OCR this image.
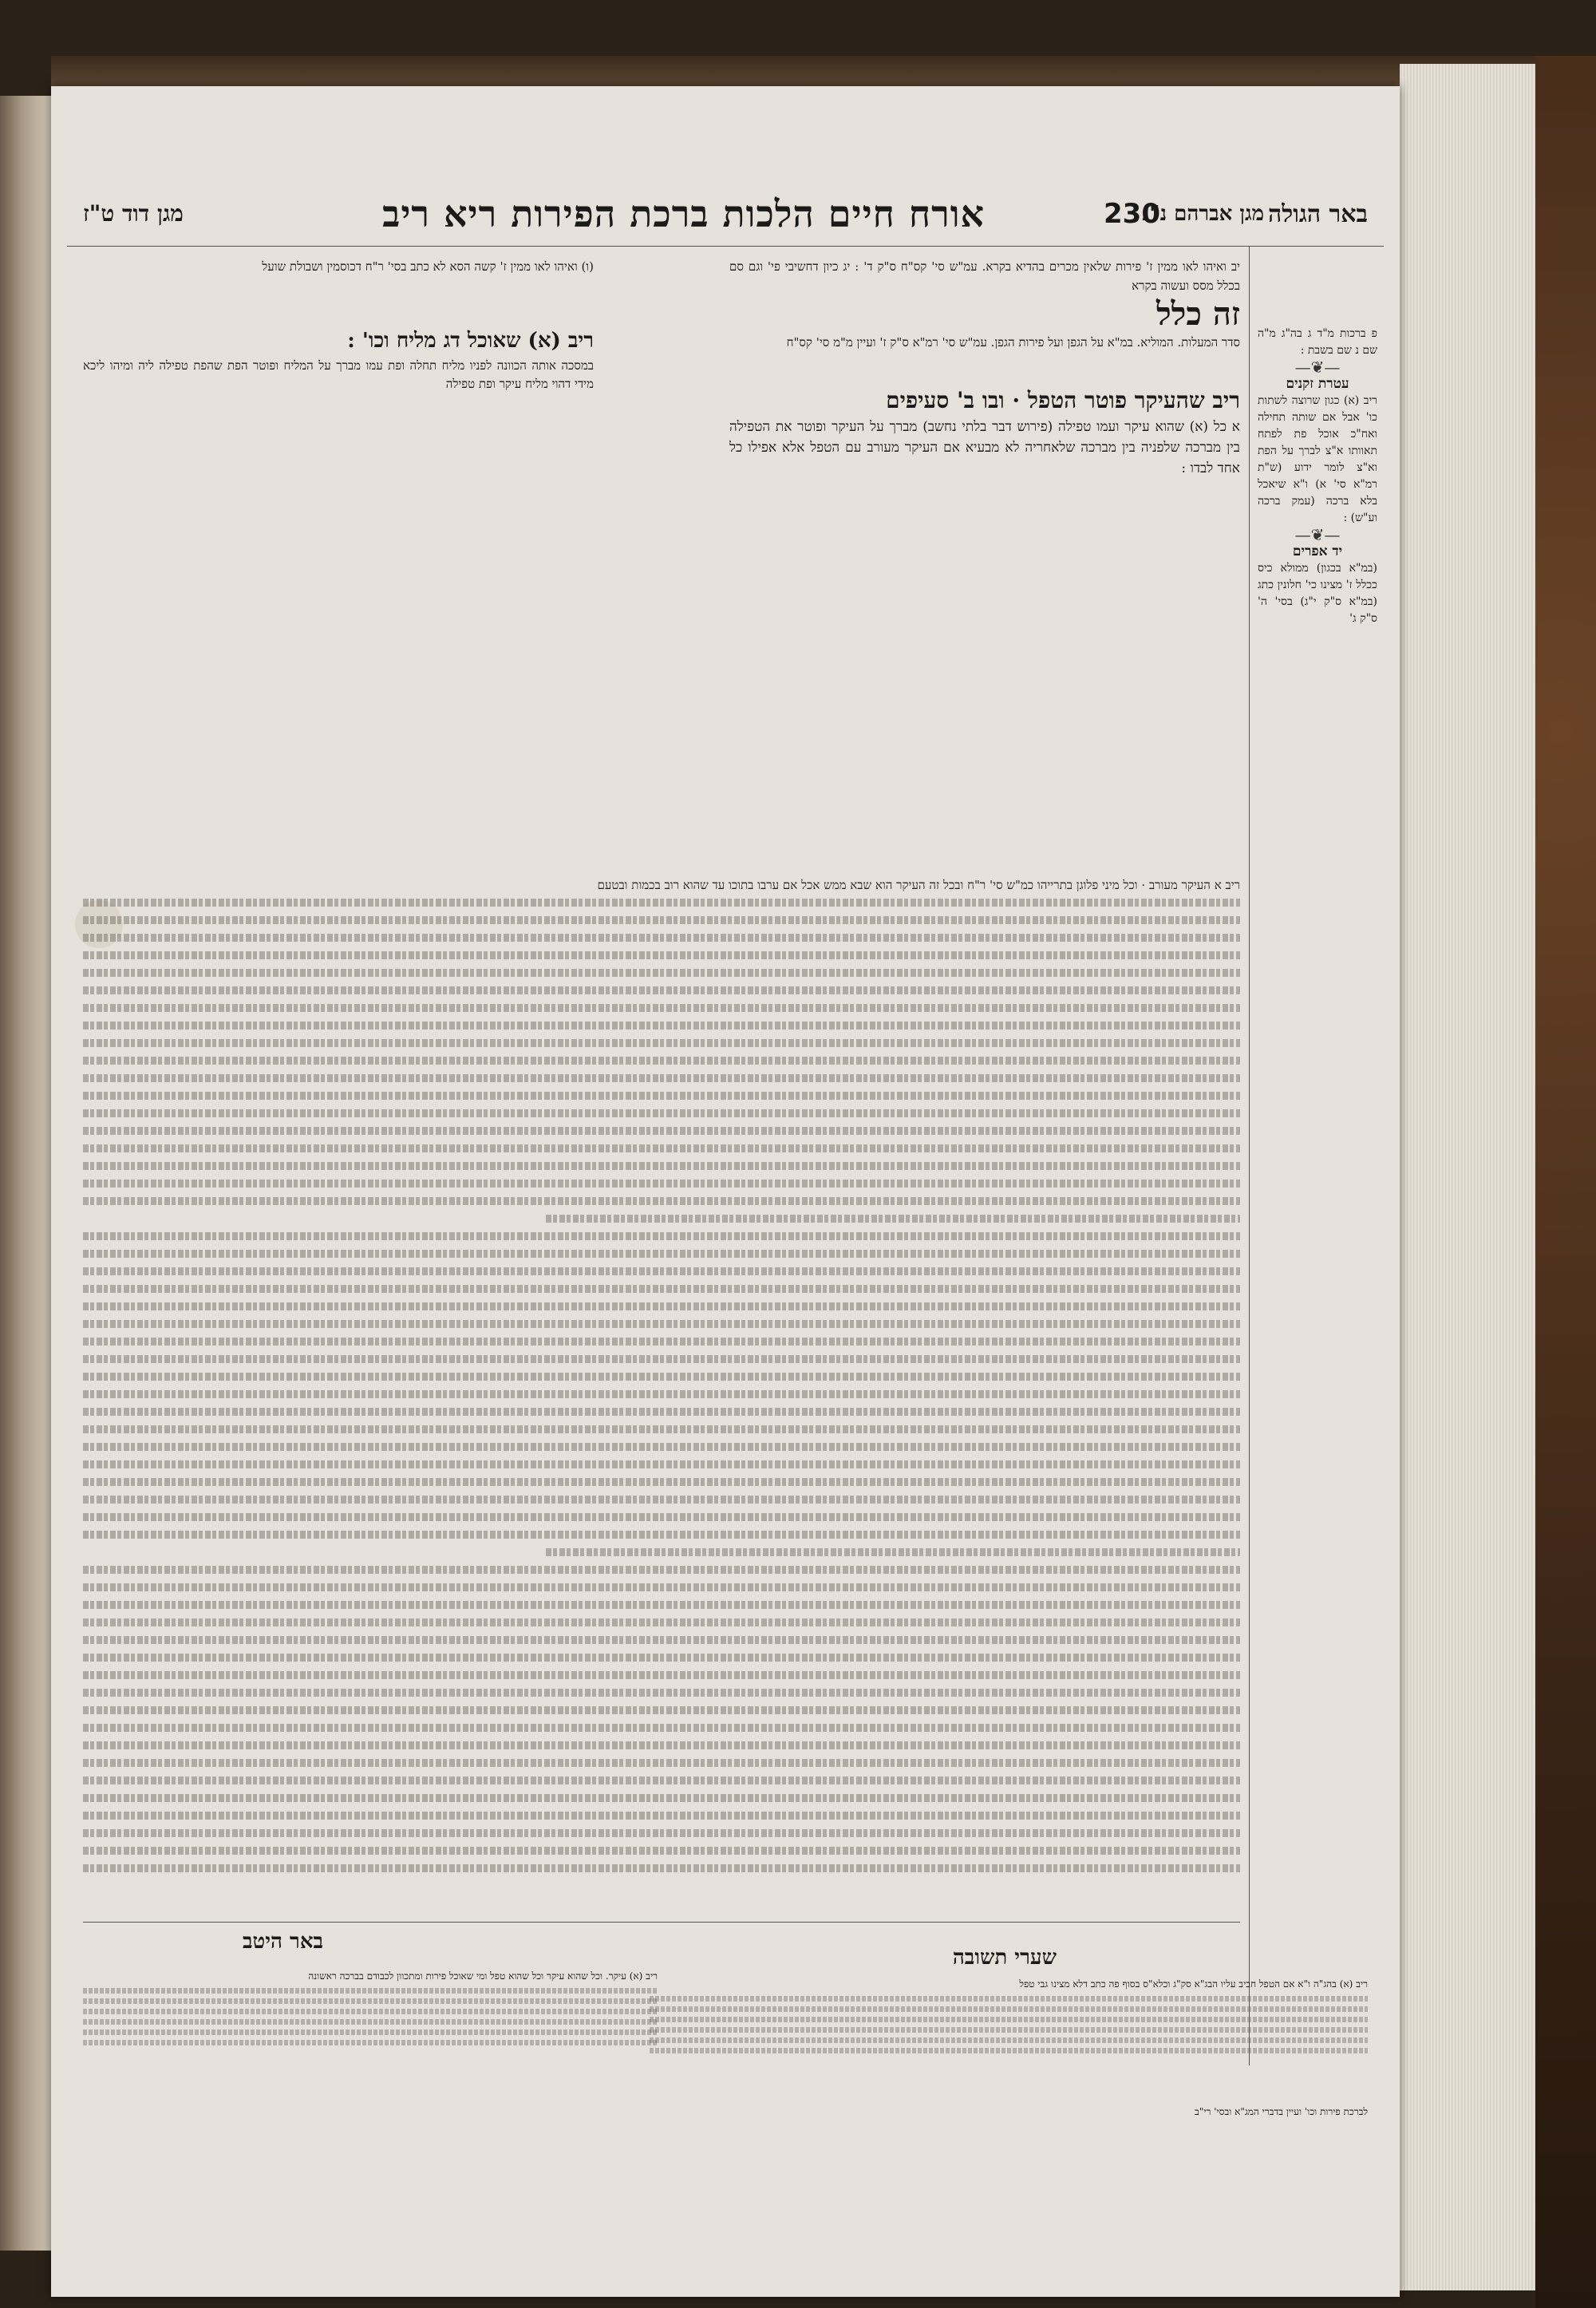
באר הגולה
מגן אברהם נ"ג
230
אורח חיים הלכות ברכת הפירות ריא ריב
מגן דוד ט"ז
פ ברכות מ"ד ג בה"ג מ"ה שם נ שם בשבת :
—❦—
עטרת זקנים
ריב (א) כגון שרוצה לשתות כו' אבל אם שותה תחילה ואח"כ אוכל פת לפתח תאוותו א"צ לברך על הפת וא"צ לומר ידוע (ש"ת רמ"א סי' א) ו"א שיאכל בלא ברכה (עמק ברכה וע"ש) :
—❦—
יד אפרים
(במ"א בכגון) ממולא כיס ככלל ז' מצינו כי' חלונין כתג (במ"א ס"ק י"ג) בסי' ה' ס"ק ג'
יב ואיהו לאו ממין ז' פירות שלאין מכרים בהדיא בקרא. עמ"ש סי' קס"ח ס"ק ד' : יג כיון דחשיבי פי' וגם סם בכלל מסס ועשוה בקרא
זה כלל
סדר המעלות. המוליא. במ"א על הגפן ועל פירות הגפן. עמ"ש סי' רמ"א ס"ק ז' ועיין מ"מ סי' קס"ח
ריב שהעיקר פוטר הטפל · ובו ב' סעיפים
א כל (א) שהוא עיקר ועמו טפילה (פירוש דבר בלתי נחשב) מברך על העיקר ופוטר את הטפילה בין מברכה שלפניה בין מברכה שלאחריה לא מבעיא אם העיקר מעורב עם הטפל אלא אפילו כל אחד לבדו :
(ו) ואיהו לאו ממין ז' קשה הסא לא כתב בסי' ר"ח דכוסמין ושבולת שועל
ריב (א) שאוכל דג מליח וכו' :
במסכה אותה הכוונה לפניו מליח תחלה ופת עמו מברך על המליח ופוטר הפת שהפת טפילה ליה ומיהו ליכא מידי דהוי מליח עיקר ופת טפילה
ריב א העיקר מעורב · וכל מיני פלוגן בתרייהו כמ"ש סי' ר"ח ובכל זה העיקר הוא שבא ממש אכל אם ערבו בתוכו עד שהוא רוב בכמות ובטעם
באר היטב
שערי תשובה
ריב (א) עיקר. וכל שהוא עיקר וכל שהוא טפל ומי שאוכל פירות ומתכוון לכבודם בברכה ראשונה
ריב (א) בהג"ה ו"א אם הטפל חביב עליו הבג"א סק"ג וכלא"ס בסוף פה כתב דלא מצינו גבי טפל
לברכת פירות וכו' ועיין בדברי המג"א ובסי' רי"ב
